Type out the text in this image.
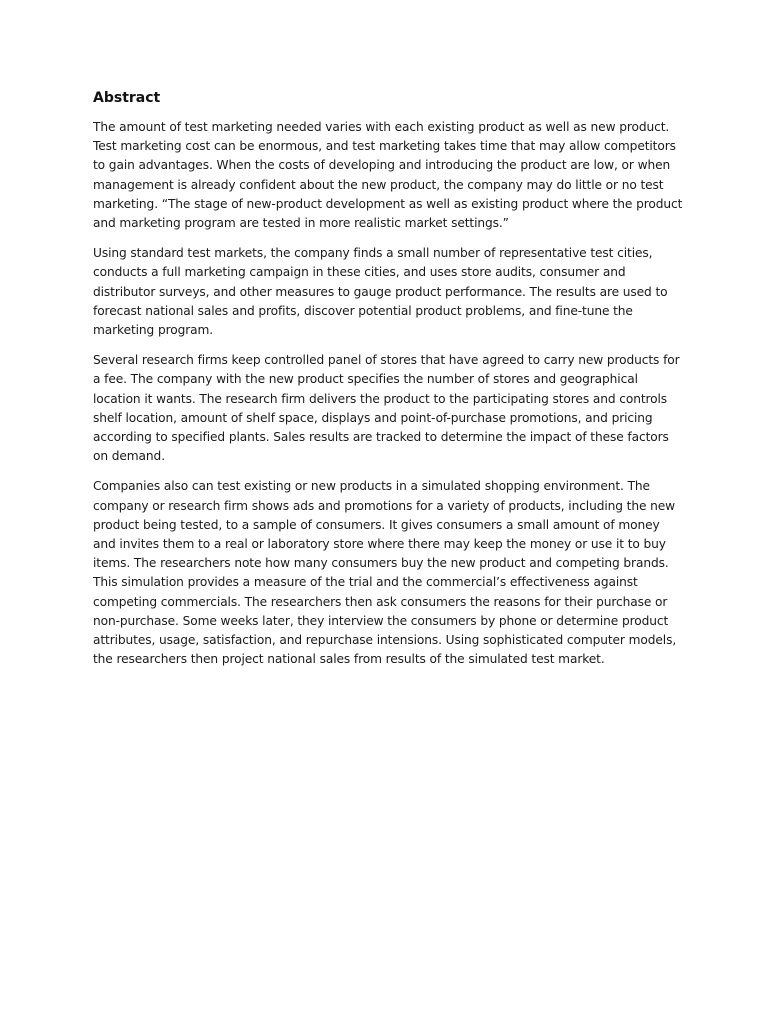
Abstract

The amount of test marketing needed varies with each existing product as well as new product. Test marketing cost can be enormous, and test marketing takes time that may allow competitors to gain advantages. When the costs of developing and introducing the product are low, or when management is already confident about the new product, the company may do little or no test marketing. “The stage of new-product development as well as existing product where the product and marketing program are tested in more realistic market settings.”

Using standard test markets, the company finds a small number of representative test cities, conducts a full marketing campaign in these cities, and uses store audits, consumer and distributor surveys, and other measures to gauge product performance. The results are used to forecast national sales and profits, discover potential product problems, and fine-tune the marketing program.

Several research firms keep controlled panel of stores that have agreed to carry new products for a fee. The company with the new product specifies the number of stores and geographical location it wants. The research firm delivers the product to the participating stores and controls shelf location, amount of shelf space, displays and point-of-purchase promotions, and pricing according to specified plants. Sales results are tracked to determine the impact of these factors on demand.

Companies also can test existing or new products in a simulated shopping environment. The company or research firm shows ads and promotions for a variety of products, including the new product being tested, to a sample of consumers. It gives consumers a small amount of money and invites them to a real or laboratory store where there may keep the money or use it to buy items. The researchers note how many consumers buy the new product and competing brands. This simulation provides a measure of the trial and the commercial’s effectiveness against competing commercials. The researchers then ask consumers the reasons for their purchase or non-purchase. Some weeks later, they interview the consumers by phone or determine product attributes, usage, satisfaction, and repurchase intensions. Using sophisticated computer models, the researchers then project national sales from results of the simulated test market.
